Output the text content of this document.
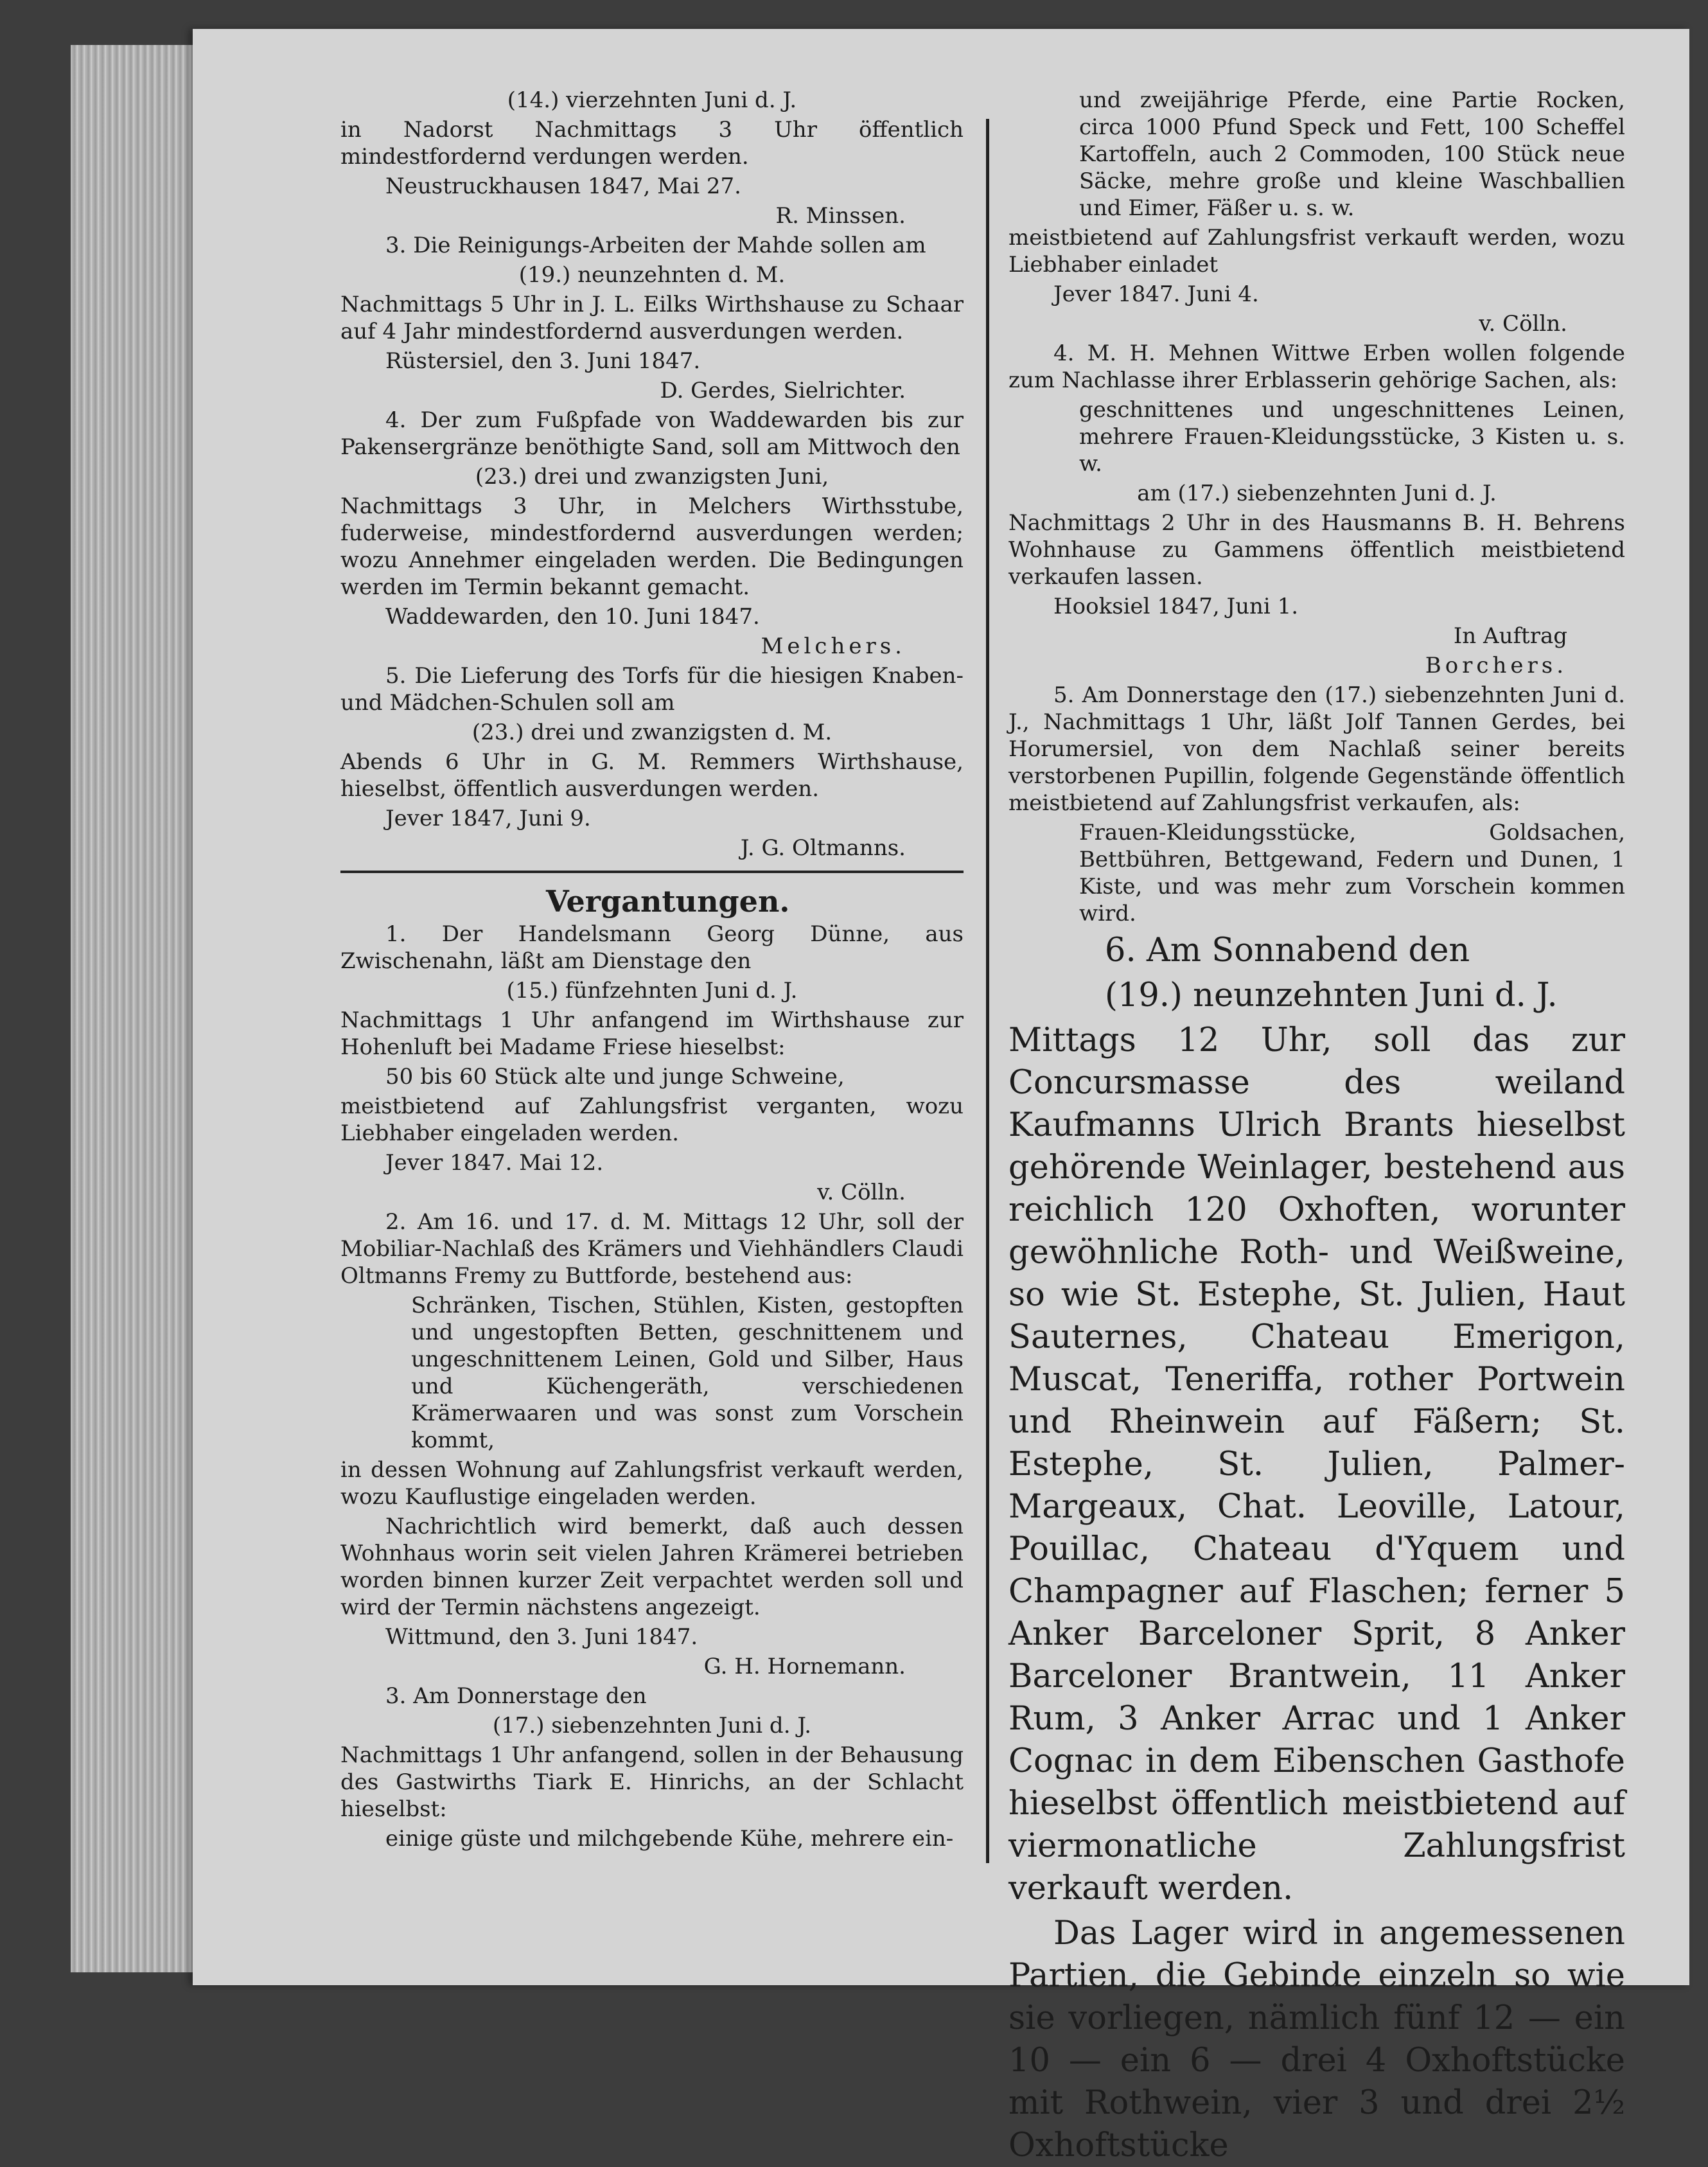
(14.) vierzehnten Juni d. J.

in Nadorst Nachmittags 3 Uhr öffentlich mindestfordernd verdungen werden.

Neustruckhausen 1847, Mai 27.

R. Minssen.

3. Die Reinigungs-Arbeiten der Mahde sollen am

(19.) neunzehnten d. M.

Nachmittags 5 Uhr in J. L. Eilks Wirthshause zu Schaar auf 4 Jahr mindestfordernd ausverdungen werden.

Rüstersiel, den 3. Juni 1847.

D. Gerdes, Sielrichter.

4. Der zum Fußpfade von Waddewarden bis zur Pakensergränze benöthigte Sand, soll am Mittwoch den

(23.) drei und zwanzigsten Juni,

Nachmittags 3 Uhr, in Melchers Wirthsstube, fuderweise, mindestfordernd ausverdungen werden; wozu Annehmer eingeladen werden. Die Bedingungen werden im Termin bekannt gemacht.

Waddewarden, den 10. Juni 1847.

Melchers.

5. Die Lieferung des Torfs für die hiesigen Knaben- und Mädchen-Schulen soll am

(23.) drei und zwanzigsten d. M.

Abends 6 Uhr in G. M. Remmers Wirthshause, hieselbst, öffentlich ausverdungen werden.

Jever 1847, Juni 9.

J. G. Oltmanns.

Vergantungen.

1. Der Handelsmann Georg Dünne, aus Zwischenahn, läßt am Dienstage den

(15.) fünfzehnten Juni d. J.

Nachmittags 1 Uhr anfangend im Wirthshause zur Hohenluft bei Madame Friese hieselbst:

50 bis 60 Stück alte und junge Schweine,

meistbietend auf Zahlungsfrist verganten, wozu Liebhaber eingeladen werden.

Jever 1847. Mai 12.

v. Cölln.

2. Am 16. und 17. d. M. Mittags 12 Uhr, soll der Mobiliar-Nachlaß des Krämers und Viehhändlers Claudi Oltmanns Fremy zu Buttforde, bestehend aus:

Schränken, Tischen, Stühlen, Kisten, gestopften und ungestopften Betten, geschnittenem und ungeschnittenem Leinen, Gold und Silber, Haus und Küchengeräth, verschiedenen Krämerwaaren und was sonst zum Vorschein kommt,

in dessen Wohnung auf Zahlungsfrist verkauft werden, wozu Kauflustige eingeladen werden.

Nachrichtlich wird bemerkt, daß auch dessen Wohnhaus worin seit vielen Jahren Krämerei betrieben worden binnen kurzer Zeit verpachtet werden soll und wird der Termin nächstens angezeigt.

Wittmund, den 3. Juni 1847.

G. H. Hornemann.

3. Am Donnerstage den

(17.) siebenzehnten Juni d. J.

Nachmittags 1 Uhr anfangend, sollen in der Behausung des Gastwirths Tiark E. Hinrichs, an der Schlacht hieselbst:

einige güste und milchgebende Kühe, mehrere ein-

und zweijährige Pferde, eine Partie Rocken, circa 1000 Pfund Speck und Fett, 100 Scheffel Kartoffeln, auch 2 Commoden, 100 Stück neue Säcke, mehre große und kleine Waschballien und Eimer, Fäßer u. s. w.

meistbietend auf Zahlungsfrist verkauft werden, wozu Liebhaber einladet

Jever 1847. Juni 4.

v. Cölln.

4. M. H. Mehnen Wittwe Erben wollen folgende zum Nachlasse ihrer Erblasserin gehörige Sachen, als:

geschnittenes und ungeschnittenes Leinen, mehrere Frauen-Kleidungsstücke, 3 Kisten u. s. w.

am (17.) siebenzehnten Juni d. J.

Nachmittags 2 Uhr in des Hausmanns B. H. Behrens Wohnhause zu Gammens öffentlich meistbietend verkaufen lassen.

Hooksiel 1847, Juni 1.

In Auftrag

Borchers.

5. Am Donnerstage den (17.) siebenzehnten Juni d. J., Nachmittags 1 Uhr, läßt Jolf Tannen Gerdes, bei Horumersiel, von dem Nachlaß seiner bereits verstorbenen Pupillin, folgende Gegenstände öffentlich meistbietend auf Zahlungsfrist verkaufen, als:

Frauen-Kleidungsstücke, Goldsachen, Bettbühren, Bettgewand, Federn und Dunen, 1 Kiste, und was mehr zum Vorschein kommen wird.

6. Am Sonnabend den

(19.) neunzehnten Juni d. J.

Mittags 12 Uhr, soll das zur Concursmasse des weiland Kaufmanns Ulrich Brants hieselbst gehörende Weinlager, bestehend aus reichlich 120 Oxhoften, worunter gewöhnliche Roth- und Weißweine, so wie St. Estephe, St. Julien, Haut Sauternes, Chateau Emerigon, Muscat, Teneriffa, rother Portwein und Rheinwein auf Fäßern; St. Estephe, St. Julien, Palmer-Margeaux, Chat. Leoville, Latour, Pouillac, Chateau d'Yquem und Champagner auf Flaschen; ferner 5 Anker Barceloner Sprit, 8 Anker Barceloner Brantwein, 11 Anker Rum, 3 Anker Arrac und 1 Anker Cognac in dem Eibenschen Gasthofe hieselbst öffentlich meistbietend auf viermonatliche Zahlungsfrist verkauft werden.

Das Lager wird in angemessenen Partien, die Gebinde einzeln so wie sie vorliegen, nämlich fünf 12 — ein 10 — ein 6 — drei 4 Oxhoftstücke mit Rothwein, vier 3 und drei 2½ Oxhoftstücke
